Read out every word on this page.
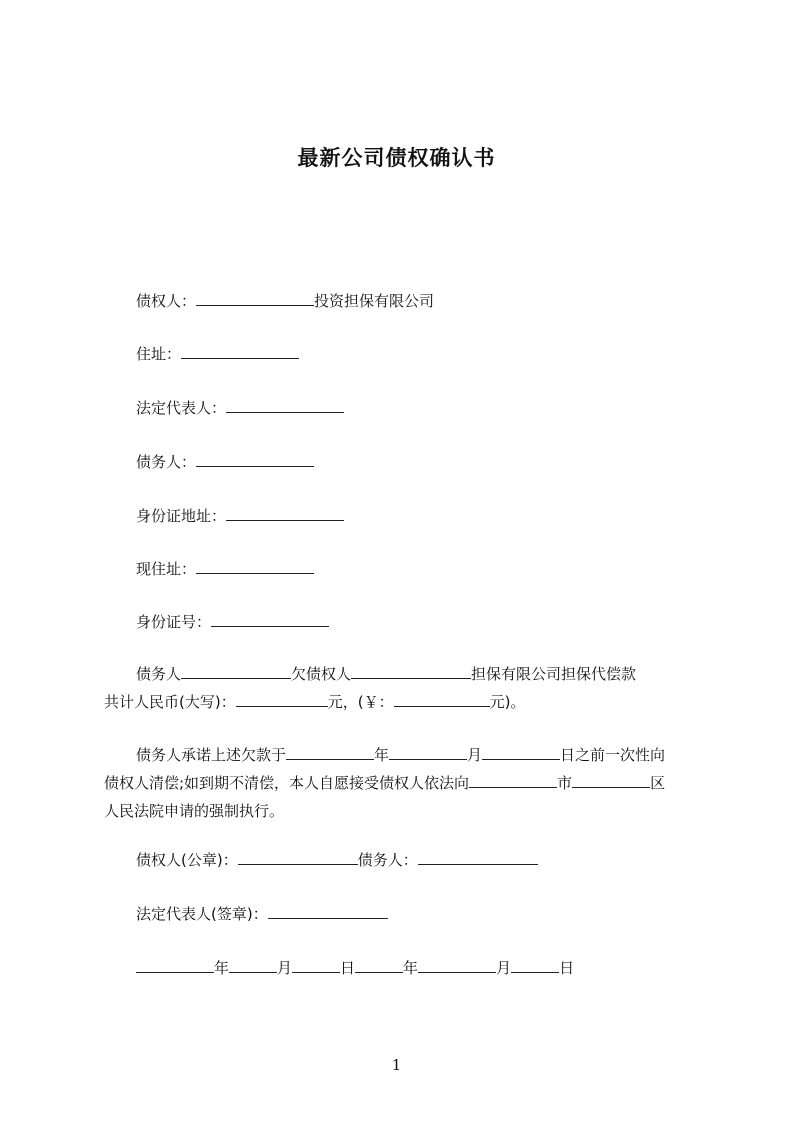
最新公司债权确认书
债权人：	投资担保有限公司
住址：
法定代表人：
债务人：
身份证地址：
现住址：
身份证号：
债务人	欠债权人	担保有限公司担保代偿款
共计人民币(大写)：	元，(￥：	元)。
债务人承诺上述欠款于	年	月	日之前一次性向
债权人清偿;如到期不清偿，本人自愿接受债权人依法向	市	区
人民法院申请的强制执行。
债权人(公章)：	债务人：
法定代表人(签章)：
年	月	日	年	月	日
1
